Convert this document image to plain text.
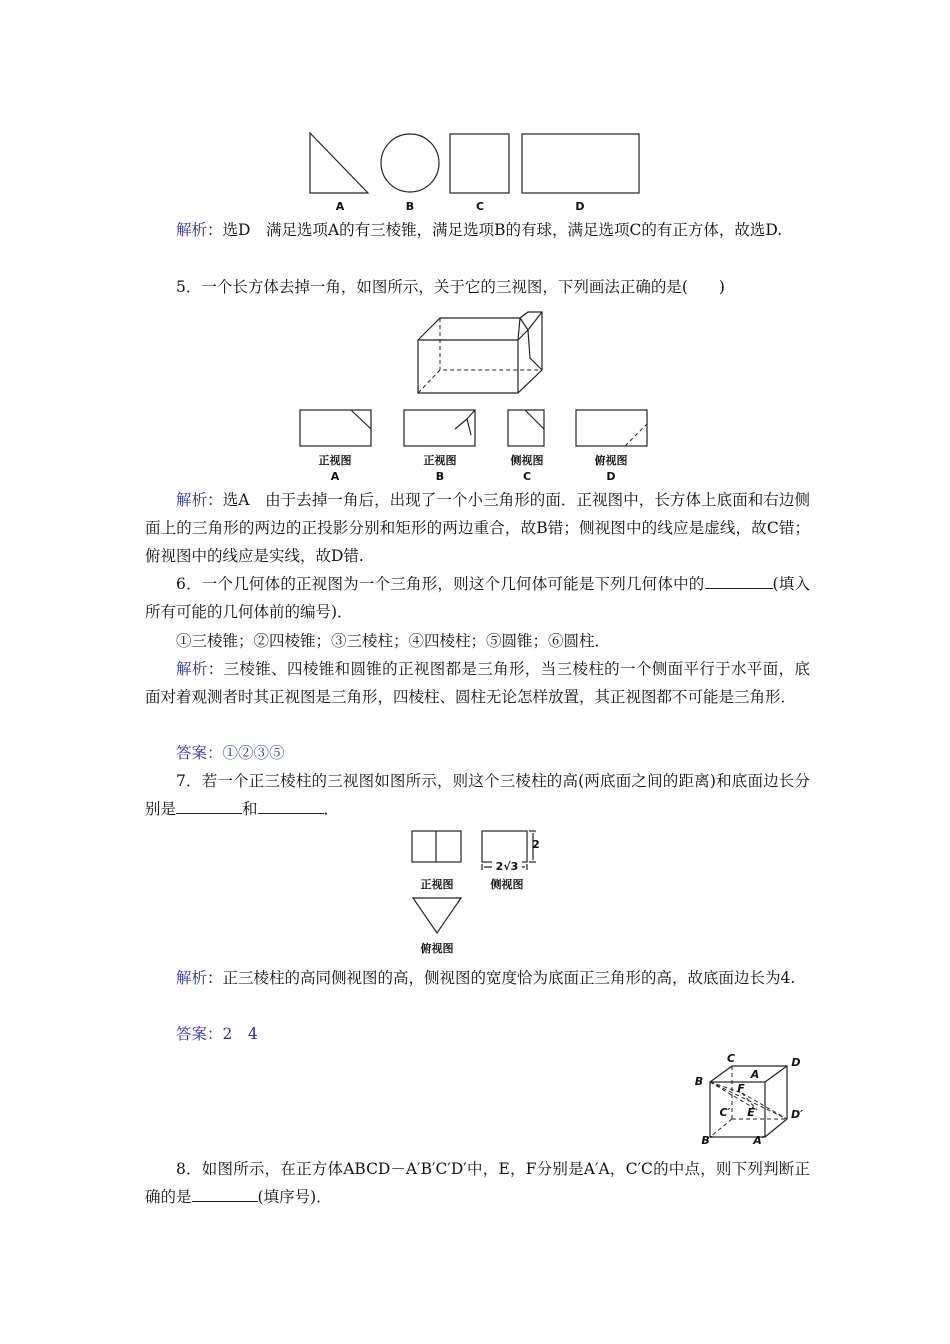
A	B	C	D
解析：选D　满足选项A的有三棱锥，满足选项B的有球，满足选项C的有正方体，故选D.
5．一个长方体去掉一角，如图所示，关于它的三视图，下列画法正确的是(　　)
正视图
A
正视图
B
侧视图
C
俯视图
D
解析：选A　由于去掉一角后，出现了一个小三角形的面．正视图中，长方体上底面和右边侧面上的三角形的两边的正投影分别和矩形的两边重合，故B错；侧视图中的线应是虚线，故C错；俯视图中的线应是实线，故D错.
6．一个几何体的正视图为一个三角形，则这个几何体可能是下列几何体中的	(填入所有可能的几何体前的编号)．
①三棱锥；②四棱锥；③三棱柱；④四棱柱；⑤圆锥；⑥圆柱．
解析：三棱锥、四棱锥和圆锥的正视图都是三角形，当三棱柱的一个侧面平行于水平面，底面对着观测者时其正视图是三角形，四棱柱、圆柱无论怎样放置，其正视图都不可能是三角形．
答案：①②③⑤
7．若一个正三棱柱的三视图如图所示，则这个三棱柱的高(两底面之间的距离)和底面边长分别是	和	．
2
2√3
正视图	侧视图
俯视图
解析：正三棱柱的高同侧视图的高，侧视图的宽度恰为底面正三角形的高，故底面边长为4.
答案：2　4
C	D
B
A
F
C′	E	D′
B′	A′
8．如图所示，在正方体ABCD－A′B′C′D′中，E，F分别是A′A，C′C的中点，则下列判断正确的是	(填序号)．
